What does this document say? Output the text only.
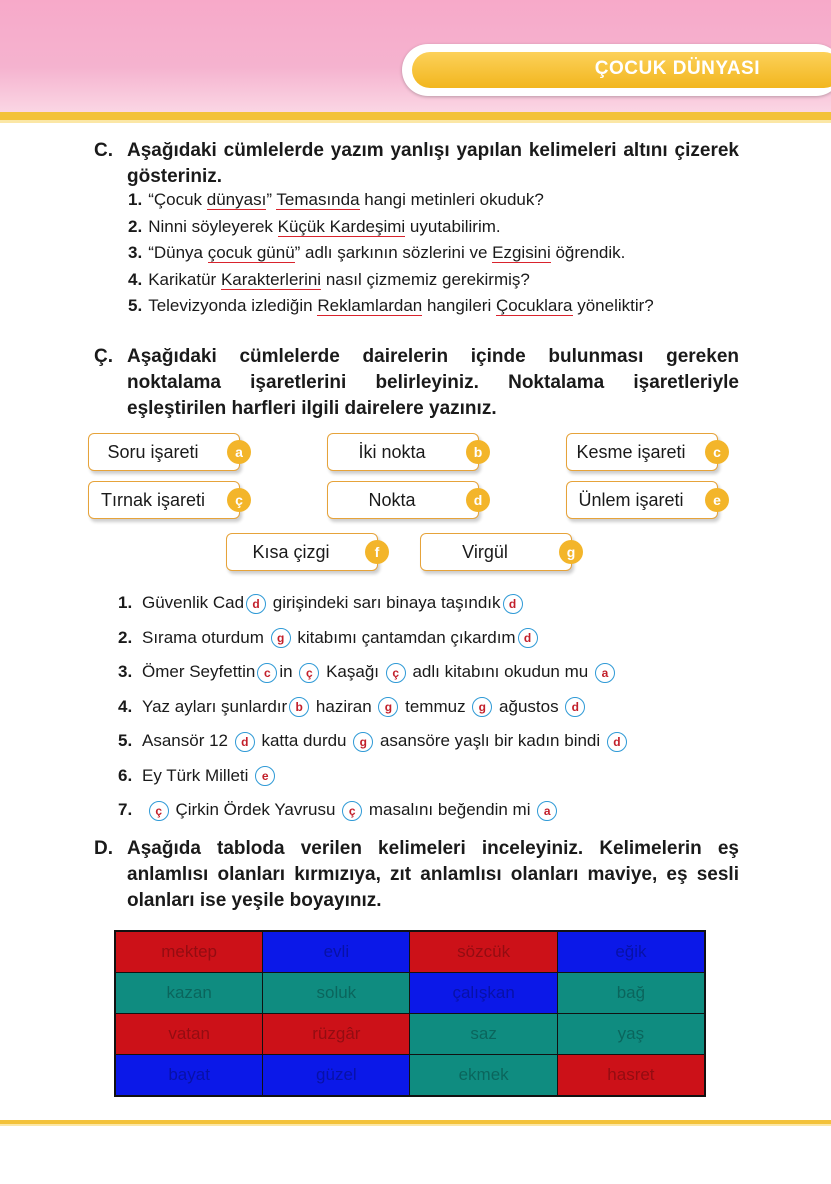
ÇOCUK DÜNYASI
C. Aşağıdaki cümlelerde yazım yanlışı yapılan kelimeleri altını çizerek gösteriniz.
1. “Çocuk dünyası” Temasında hangi metinleri okuduk?
2. Ninni söyleyerek Küçük Kardeşimi uyutabilirim.
3. “Dünya çocuk günü” adlı şarkının sözlerini ve Ezgisini öğrendik.
4. Karikatür Karakterlerini nasıl çizmemiz gerekirmiş?
5. Televizyonda izlediğin Reklamlardan hangileri Çocuklara yöneliktir?
Ç. Aşağıdaki cümlelerde dairelerin içinde bulunması gereken noktalama işaretlerini belirleyiniz. Noktalama işaretleriyle eşleştirilen harfleri ilgili dairelere yazınız.
Soru işareti	a	İki nokta	b	Kesme işareti	c
Tırnak işareti	ç	Nokta	d	Ünlem işareti	e
Kısa çizgi	f	Virgül	g
1. Güvenlik Cad d girişindeki sarı binaya taşındık d
2. Sırama oturdum g kitabımı çantamdan çıkardım d
3. Ömer Seyfettin c in ç Kaşağı ç adlı kitabını okudun mu a
4. Yaz ayları şunlardır b haziran g temmuz g ağustos d
5. Asansör 12 d katta durdu g asansöre yaşlı bir kadın bindi d
6. Ey Türk Milleti e
7. ç Çirkin Ördek Yavrusu ç masalını beğendin mi a
D. Aşağıda tabloda verilen kelimeleri inceleyiniz. Kelimelerin eş anlamlısı olanları kırmızıya, zıt anlamlısı olanları maviye, eş sesli olanları ise yeşile boyayınız.
mektep	evli	sözcük	eğik
kazan	soluk	çalışkan	bağ
vatan	rüzgâr	saz	yaş
bayat	güzel	ekmek	hasret
